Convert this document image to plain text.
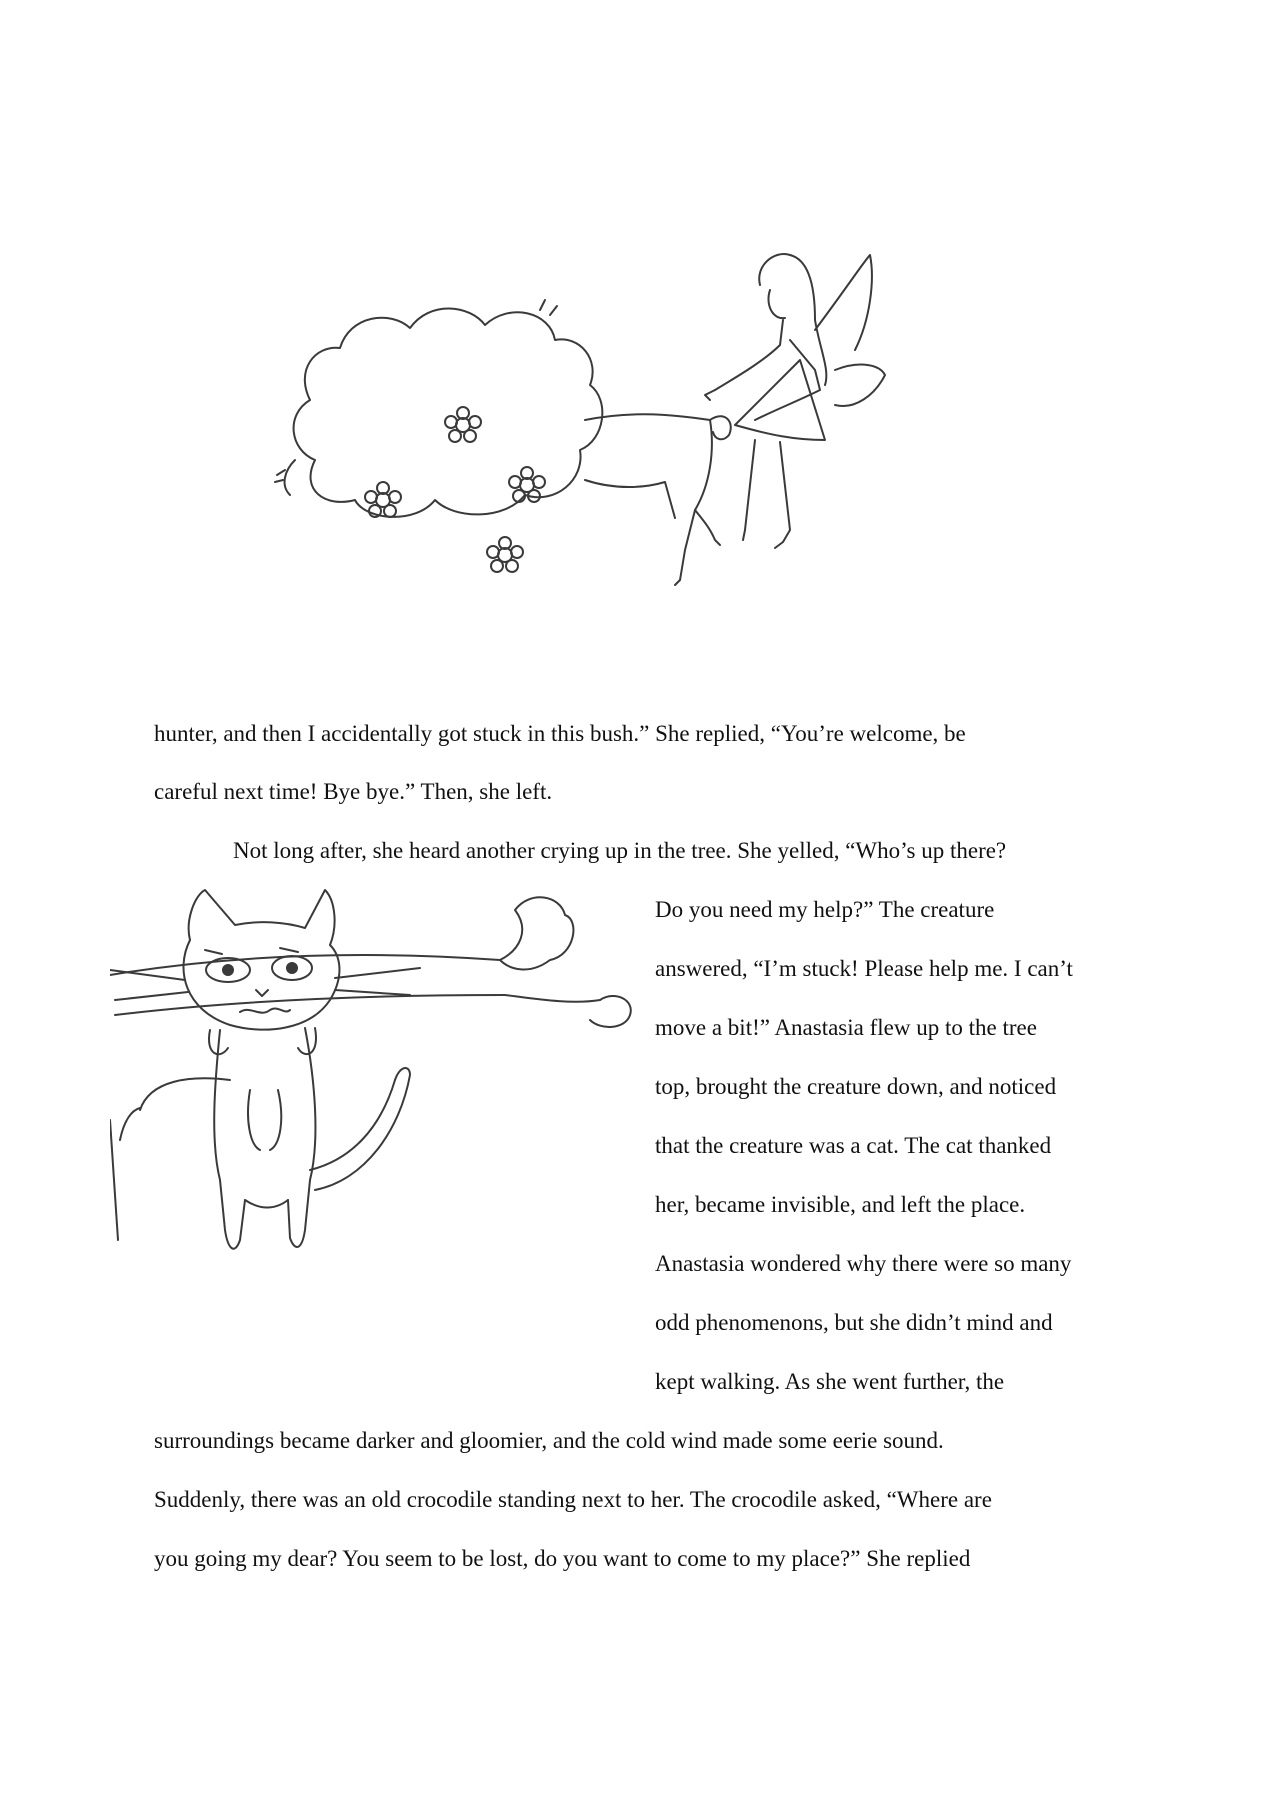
hunter, and then I accidentally got stuck in this bush.” She replied, “You’re welcome, be
careful next time! Bye bye.” Then, she left.
Not long after, she heard another crying up in the tree. She yelled, “Who’s up there?
Do you need my help?” The creature
answered, “I’m stuck! Please help me. I can’t
move a bit!” Anastasia flew up to the tree
top, brought the creature down, and noticed
that the creature was a cat. The cat thanked
her, became invisible, and left the place.
Anastasia wondered why there were so many
odd phenomenons, but she didn’t mind and
kept walking. As she went further, the
surroundings became darker and gloomier, and the cold wind made some eerie sound.
Suddenly, there was an old crocodile standing next to her. The crocodile asked, “Where are
you going my dear? You seem to be lost, do you want to come to my place?” She replied
